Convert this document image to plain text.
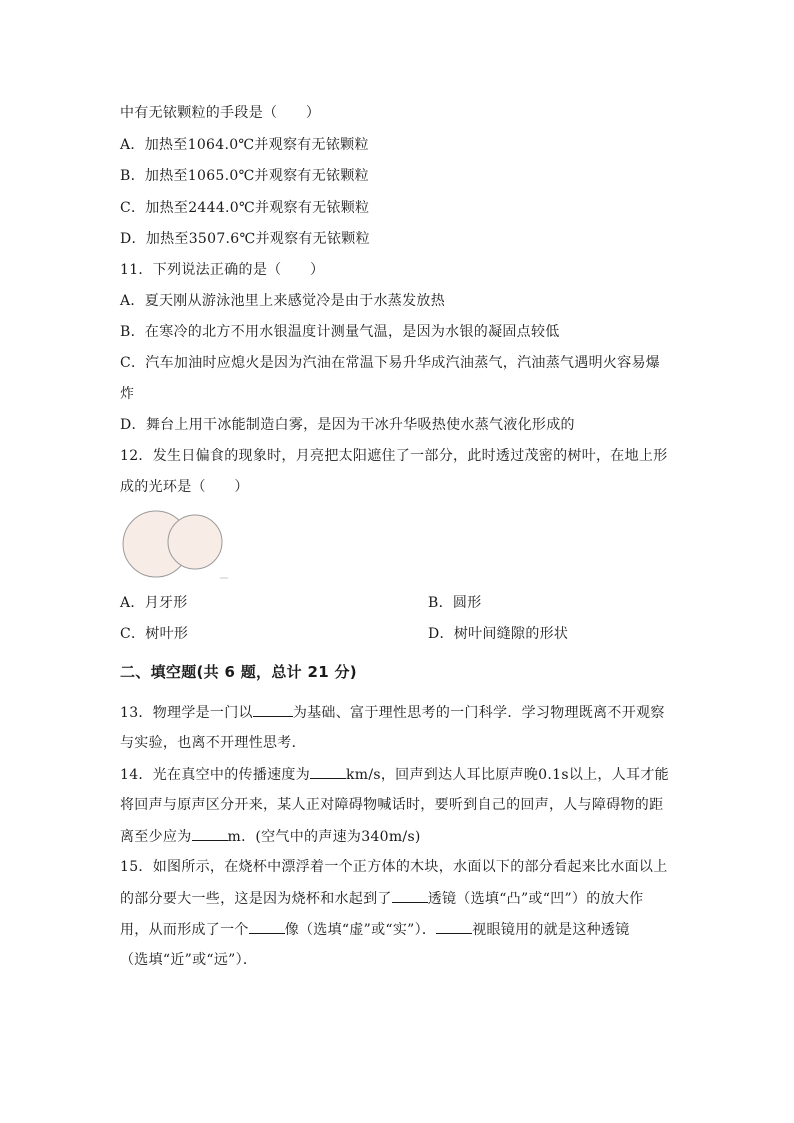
中有无铱颗粒的手段是（　　）
A．加热至1064.0℃并观察有无铱颗粒
B．加热至1065.0℃并观察有无铱颗粒
C．加热至2444.0℃并观察有无铱颗粒
D．加热至3507.6℃并观察有无铱颗粒
11．下列说法正确的是（　　）
A．夏天刚从游泳池里上来感觉冷是由于水蒸发放热
B．在寒冷的北方不用水银温度计测量气温，是因为水银的凝固点较低
C．汽车加油时应熄火是因为汽油在常温下易升华成汽油蒸气，汽油蒸气遇明火容易爆
炸
D．舞台上用干冰能制造白雾，是因为干冰升华吸热使水蒸气液化形成的
12．发生日偏食的现象时，月亮把太阳遮住了一部分，此时透过茂密的树叶，在地上形
成的光环是（　　）
A．月牙形	B．圆形
C．树叶形	D．树叶间缝隙的形状
二、填空题(共 6 题，总计 21 分)
13．物理学是一门以	为基础、富于理性思考的一门科学．学习物理既离不开观察
与实验，也离不开理性思考．
14．光在真空中的传播速度为	km/s，回声到达人耳比原声晚0.1s以上，人耳才能
将回声与原声区分开来，某人正对障碍物喊话时，要听到自己的回声，人与障碍物的距
离至少应为	m．(空气中的声速为340m/s)
15．如图所示，在烧杯中漂浮着一个正方体的木块，水面以下的部分看起来比水面以上
的部分要大一些，这是因为烧杯和水起到了	透镜（选填“凸”或“凹”）的放大作
用，从而形成了一个	像（选填“虚”或“实”）．	视眼镜用的就是这种透镜
（选填“近”或“远”）．
